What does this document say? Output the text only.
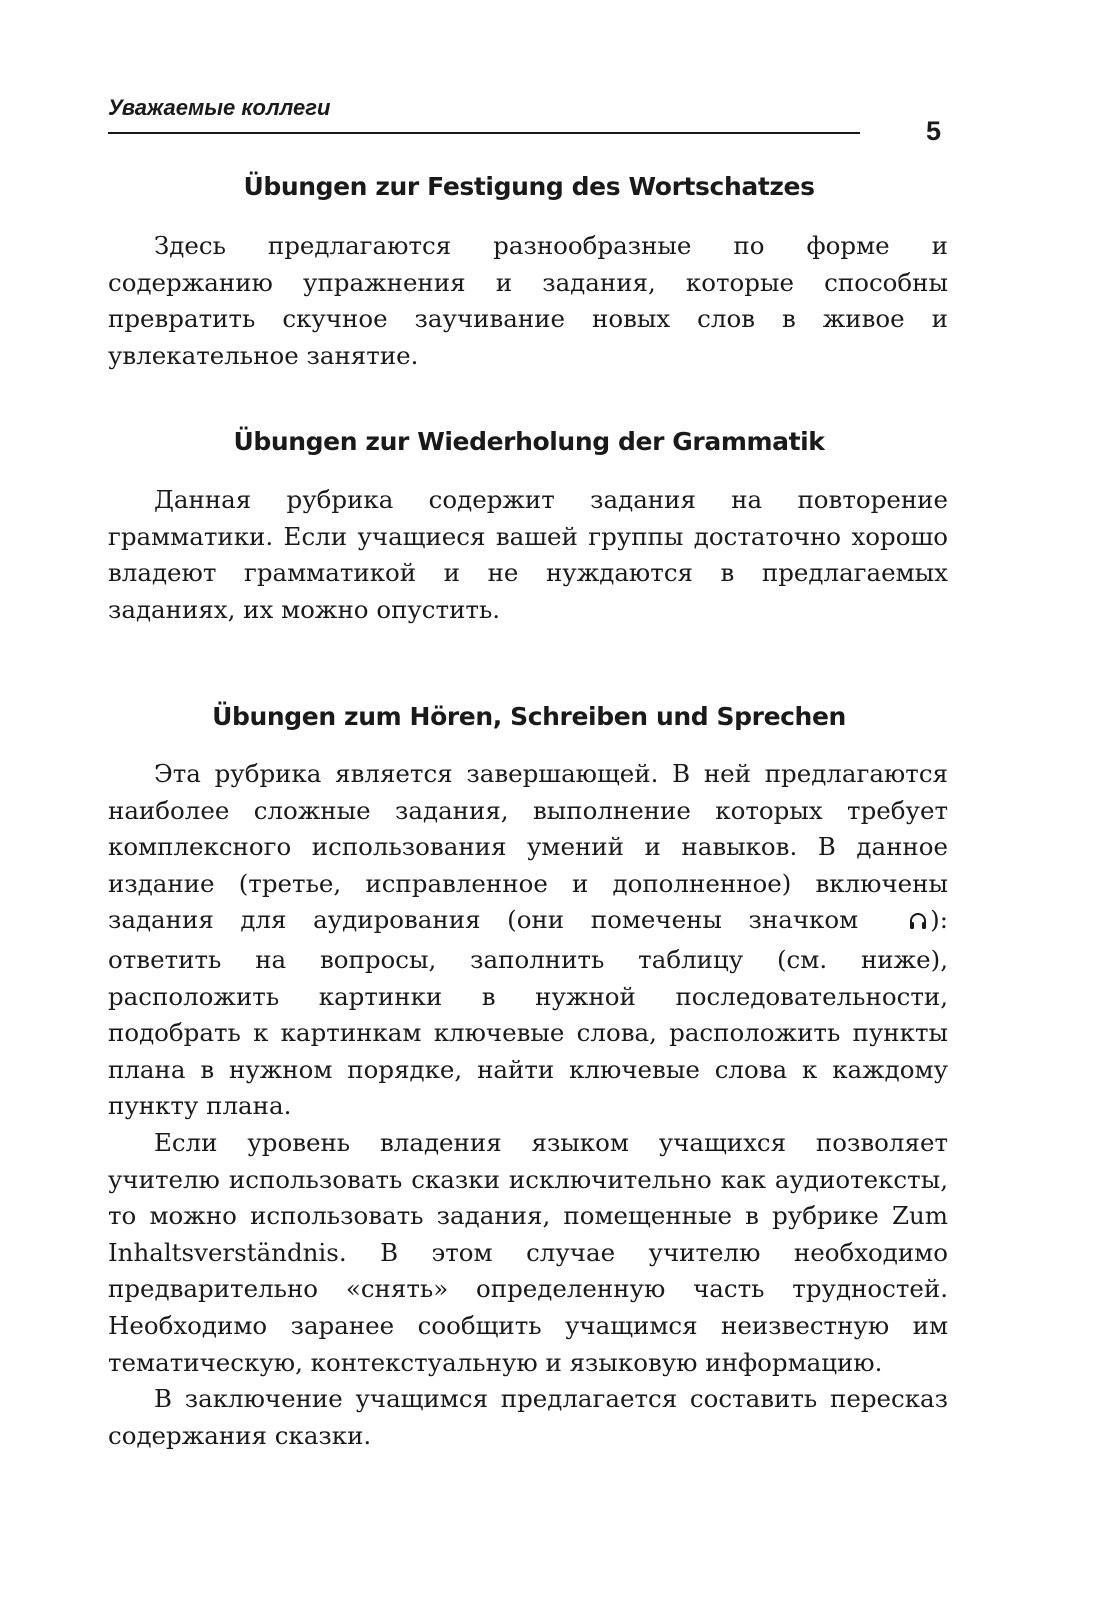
Уважаемые коллеги
5
Übungen zur Festigung des Wortschatzes

Здесь предлагаются разнообразные по форме и содержанию упражнения и задания, которые способны превратить скучное заучивание новых слов в живое и увлекательное занятие.

Übungen zur Wiederholung der Grammatik

Данная рубрика содержит задания на повторение грамматики. Если учащиеся вашей группы достаточно хорошо владеют грамматикой и не нуждаются в предлагаемых заданиях, их можно опустить.

Übungen zum Hören, Schreiben und Sprechen

Эта рубрика является завершающей. В ней предлагаются наиболее сложные задания, выполнение которых требует комплексного использования умений и навыков. В данное издание (третье, исправленное и дополненное) включены задания для аудирования (они помечены значком	): ответить на вопросы, заполнить таблицу (см. ниже), расположить картинки в нужной последовательности, подобрать к картинкам ключевые слова, расположить пункты плана в нужном порядке, найти ключевые слова к каждому пункту плана.

Если уровень владения языком учащихся позволяет учителю использовать сказки исключительно как аудиотексты, то можно использовать задания, помещенные в рубрике Zum Inhaltsverständnis. В этом случае учителю необходимо предварительно «снять» определенную часть трудностей. Необходимо заранее сообщить учащимся неизвестную им тематическую, контекстуальную и языковую информацию.

В заключение учащимся предлагается составить пересказ содержания сказки.
